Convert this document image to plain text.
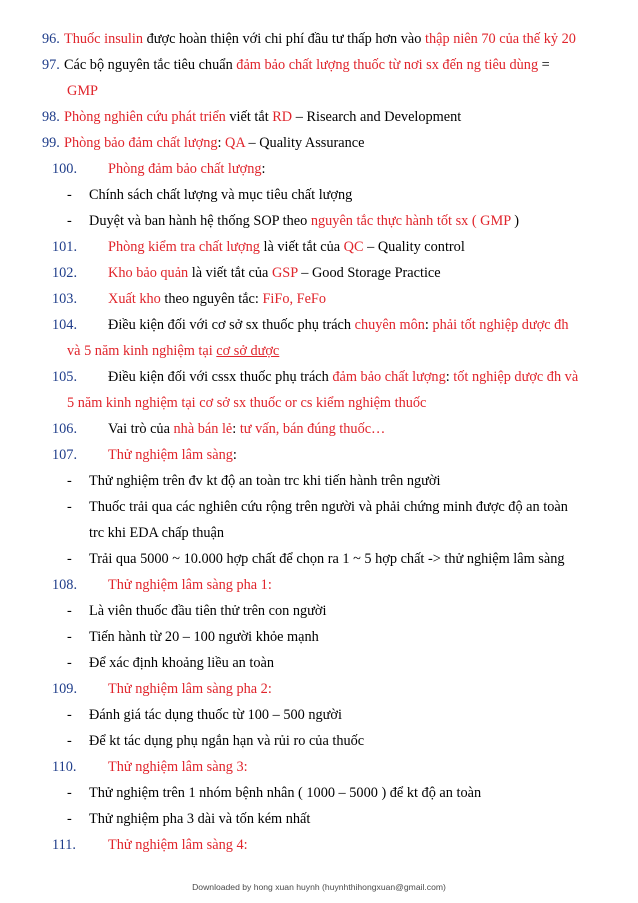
96. Thuốc insulin được hoàn thiện với chi phí đầu tư thấp hơn vào thập niên 70 của thế kỷ 20
97. Các bộ nguyên tắc tiêu chuẩn đảm bảo chất lượng thuốc từ nơi sx đến ng tiêu dùng =
GMP
98. Phòng nghiên cứu phát triển viết tắt RD – Risearch and Development
99. Phòng bảo đảm chất lượng: QA – Quality Assurance
100. Phòng đảm bảo chất lượng:
- Chính sách chất lượng và mục tiêu chất lượng
- Duyệt và ban hành hệ thống SOP theo nguyên tắc thực hành tốt sx ( GMP )
101. Phòng kiểm tra chất lượng là viết tắt của QC – Quality control
102. Kho bảo quản là viết tắt của GSP – Good Storage Practice
103. Xuất kho theo nguyên tắc: FiFo, FeFo
104. Điều kiện đối với cơ sở sx thuốc phụ trách chuyên môn: phải tốt nghiệp dược đh
và 5 năm kinh nghiệm tại cơ sở dược
105. Điều kiện đối với cssx thuốc phụ trách đảm bảo chất lượng: tốt nghiệp dược đh và
5 năm kinh nghiệm tại cơ sở sx thuốc or cs kiểm nghiệm thuốc
106. Vai trò của nhà bán lẻ: tư vấn, bán đúng thuốc…
107. Thử nghiệm lâm sàng:
- Thử nghiệm trên đv kt độ an toàn trc khi tiến hành trên người
- Thuốc trải qua các nghiên cứu rộng trên người và phải chứng minh được độ an toàn
trc khi EDA chấp thuận
- Trải qua 5000 ~ 10.000 hợp chất để chọn ra 1 ~ 5 hợp chất -> thử nghiệm lâm sàng
108. Thử nghiệm lâm sàng pha 1:
- Là viên thuốc đầu tiên thử trên con người
- Tiến hành từ 20 – 100 người khỏe mạnh
- Để xác định khoảng liều an toàn
109. Thử nghiệm lâm sàng pha 2:
- Đánh giá tác dụng thuốc từ 100 – 500 người
- Để kt tác dụng phụ ngắn hạn và rủi ro của thuốc
110. Thử nghiệm lâm sàng 3:
- Thử nghiệm trên 1 nhóm bệnh nhân ( 1000 – 5000 ) để kt độ an toàn
- Thử nghiệm pha 3 dài và tốn kém nhất
111. Thử nghiệm lâm sàng 4:
Downloaded by hong xuan huynh (huynhthihongxuan@gmail.com)
